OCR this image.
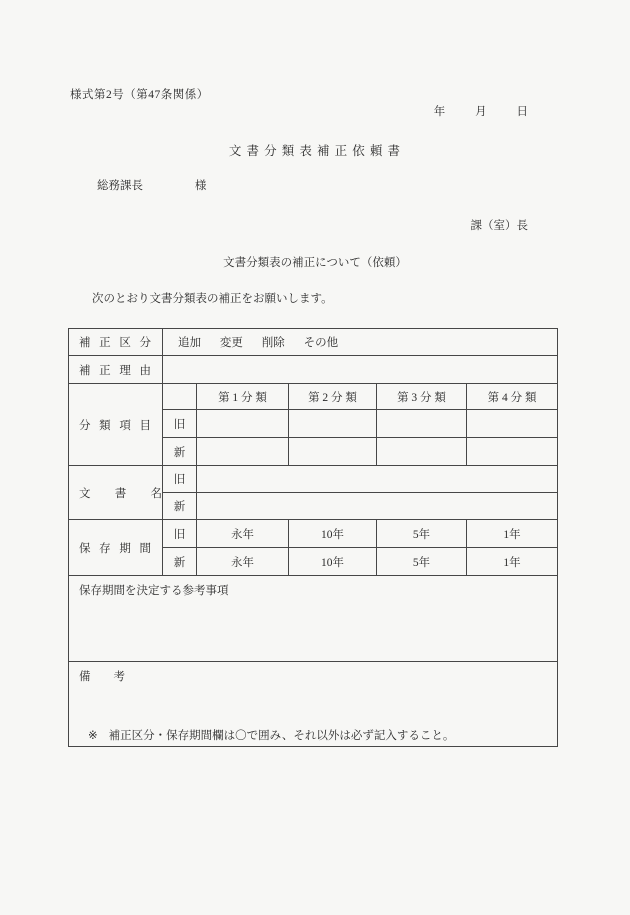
様式第2号（第47条関係）
年	月	日
文 書 分 類 表 補 正 依 頼 書
総務課長	様
課（室）長
文書分類表の補正について（依頼）
次のとおり文書分類表の補正をお願いします。
補正区分	追加 変更 削除 その他				
補正理由					
分類項目		第 1 分 類	第 2 分 類	第 3 分 類	第 4 分 類
	旧				
	新				
文書名	旧				
	新				
保存期間	旧	永年	10年	5年	1年
	新	永年	10年	5年	1年
保存期間を決定する参考事項					
備　　考					
※ 補正区分・保存期間欄は〇で囲み、それ以外は必ず記入すること。
